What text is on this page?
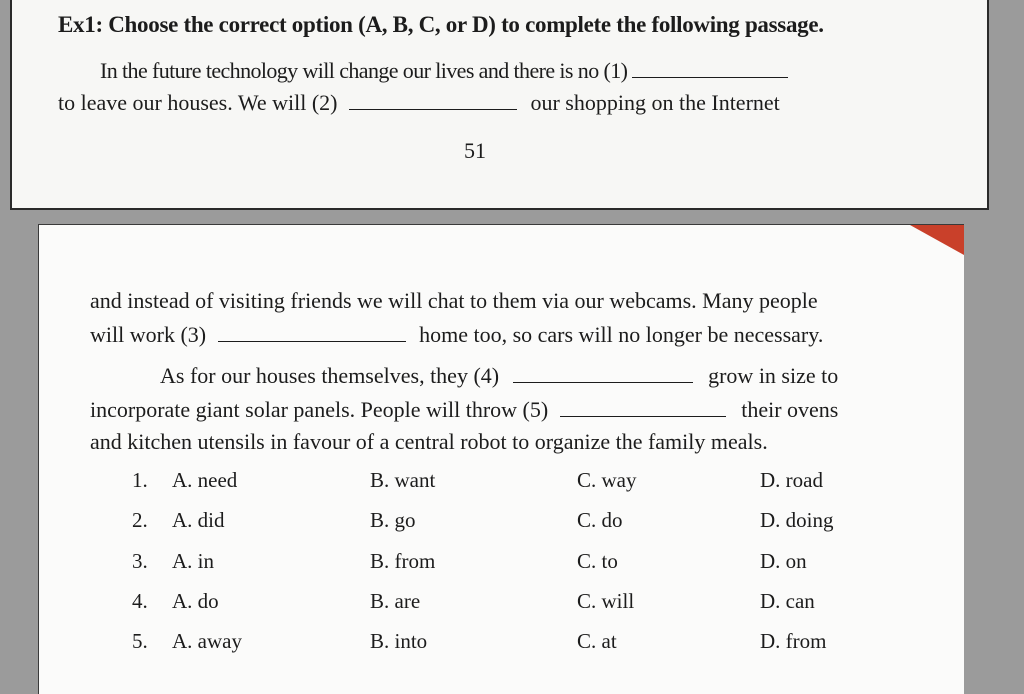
Ex1: Choose the correct option (A, B, C, or D) to complete the following passage.
In the future technology will change our lives and there is no (1)
to leave our houses. We will (2)	our shopping on the Internet
51
and instead of visiting friends we will chat to them via our webcams. Many people
will work (3)	home too, so cars will no longer be necessary.
As for our houses themselves, they (4)	grow in size to
incorporate giant solar panels. People will throw (5)	their ovens
and kitchen utensils in favour of a central robot to organize the family meals.
1. A. need	B. want	C. way	D. road
2. A. did	B. go	C. do	D. doing
3. A. in	B. from	C. to	D. on
4. A. do	B. are	C. will	D. can
5. A. away	B. into	C. at	D. from
